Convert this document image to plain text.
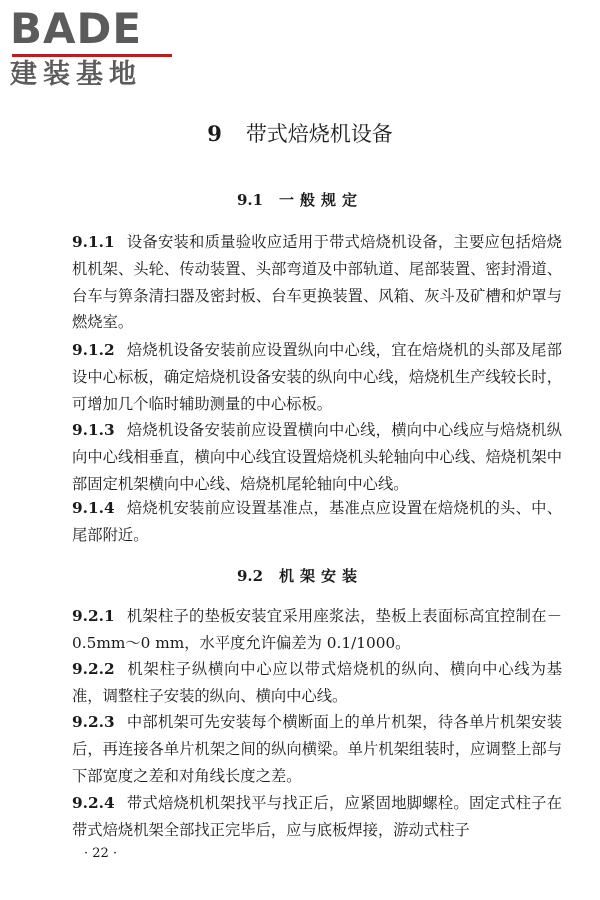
BADE
建装基地
9 带式焙烧机设备
9.1 一般规定
9.1.1 设备安装和质量验收应适用于带式焙烧机设备，主要应包括焙烧机机架、头轮、传动装置、头部弯道及中部轨道、尾部装置、密封滑道、台车与箅条清扫器及密封板、台车更换装置、风箱、灰斗及矿槽和炉罩与燃烧室。
9.1.2 焙烧机设备安装前应设置纵向中心线，宜在焙烧机的头部及尾部设中心标板，确定焙烧机设备安装的纵向中心线，焙烧机生产线较长时，可增加几个临时辅助测量的中心标板。
9.1.3 焙烧机设备安装前应设置横向中心线，横向中心线应与焙烧机纵向中心线相垂直，横向中心线宜设置焙烧机头轮轴向中心线、焙烧机架中部固定机架横向中心线、焙烧机尾轮轴向中心线。
9.1.4 焙烧机安装前应设置基准点，基准点应设置在焙烧机的头、中、尾部附近。
9.2 机架安装
9.2.1 机架柱子的垫板安装宜采用座浆法，垫板上表面标高宜控制在－0.5mm～0 mm，水平度允许偏差为 0.1/1000。
9.2.2 机架柱子纵横向中心应以带式焙烧机的纵向、横向中心线为基准，调整柱子安装的纵向、横向中心线。
9.2.3 中部机架可先安装每个横断面上的单片机架，待各单片机架安装后，再连接各单片机架之间的纵向横梁。单片机架组装时，应调整上部与下部宽度之差和对角线长度之差。
9.2.4 带式焙烧机机架找平与找正后，应紧固地脚螺栓。固定式柱子在带式焙烧机架全部找正完毕后，应与底板焊接，游动式柱子
· 22 ·
